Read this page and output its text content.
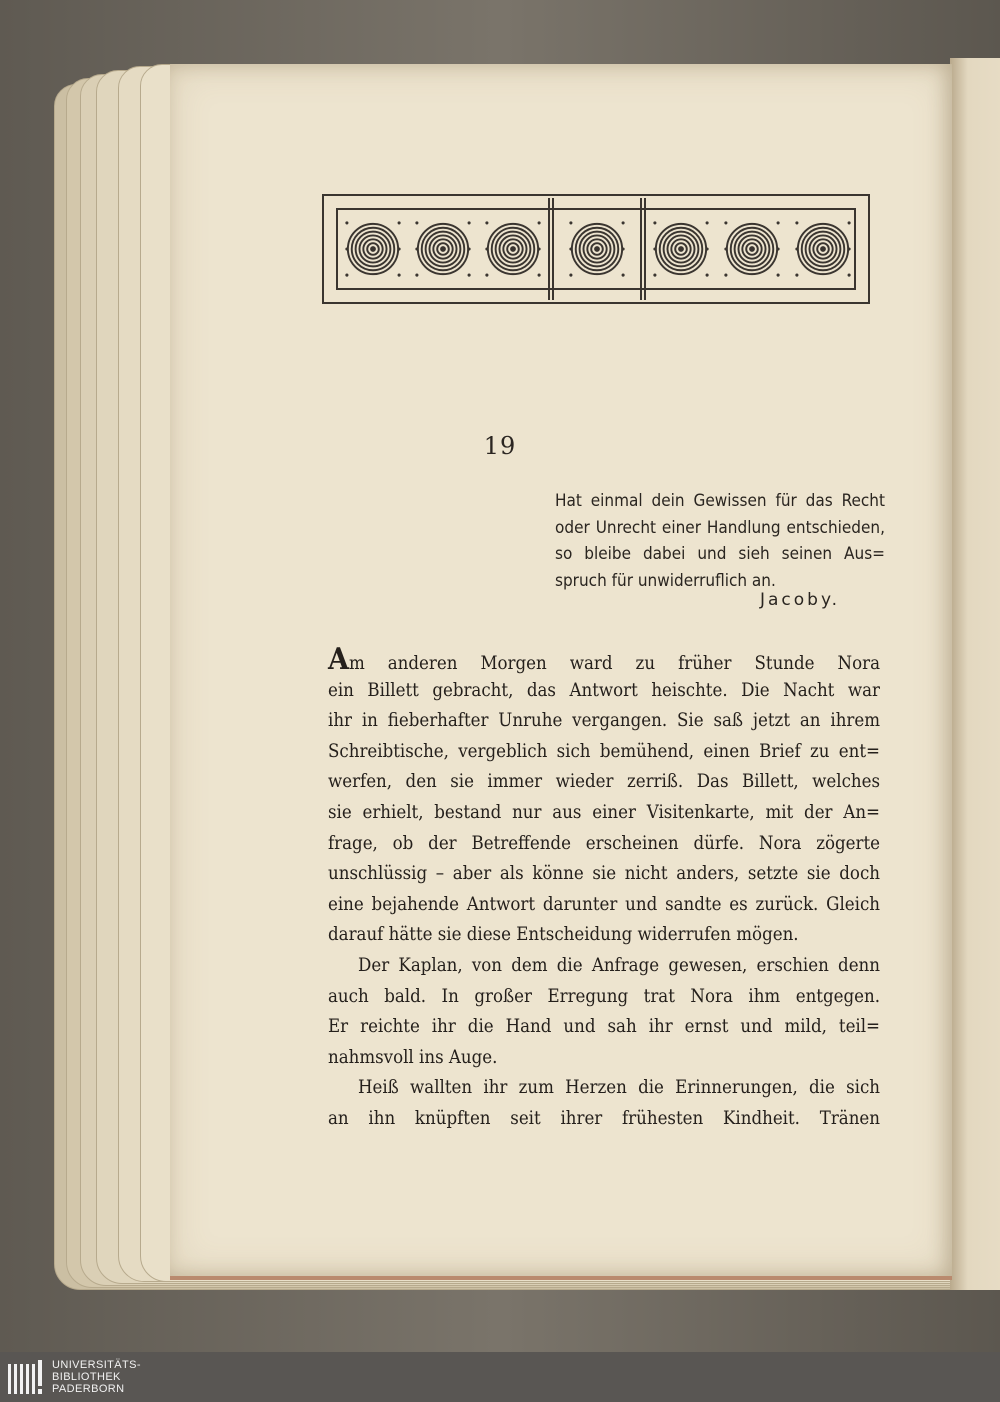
19
Hat einmal dein Gewissen für das Recht
oder Unrecht einer Handlung entschieden,
so bleibe dabei und sieh seinen Aus=
spruch für unwiderruflich an.
Jacoby.
Am anderen Morgen ward zu früher Stunde Nora
ein Billett gebracht, das Antwort heischte. Die Nacht war
ihr in fieberhafter Unruhe vergangen. Sie saß jetzt an ihrem
Schreibtische, vergeblich sich bemühend, einen Brief zu ent=
werfen, den sie immer wieder zerriß. Das Billett, welches
sie erhielt, bestand nur aus einer Visitenkarte, mit der An=
frage, ob der Betreffende erscheinen dürfe. Nora zögerte
unschlüssig – aber als könne sie nicht anders, setzte sie doch
eine bejahende Antwort darunter und sandte es zurück. Gleich
darauf hätte sie diese Entscheidung widerrufen mögen.
Der Kaplan, von dem die Anfrage gewesen, erschien denn
auch bald. In großer Erregung trat Nora ihm entgegen.
Er reichte ihr die Hand und sah ihr ernst und mild, teil=
nahmsvoll ins Auge.
Heiß wallten ihr zum Herzen die Erinnerungen, die sich
an ihn knüpften seit ihrer frühesten Kindheit. Tränen
UNIVERSITÄTS-
BIBLIOTHEK
PADERBORN
